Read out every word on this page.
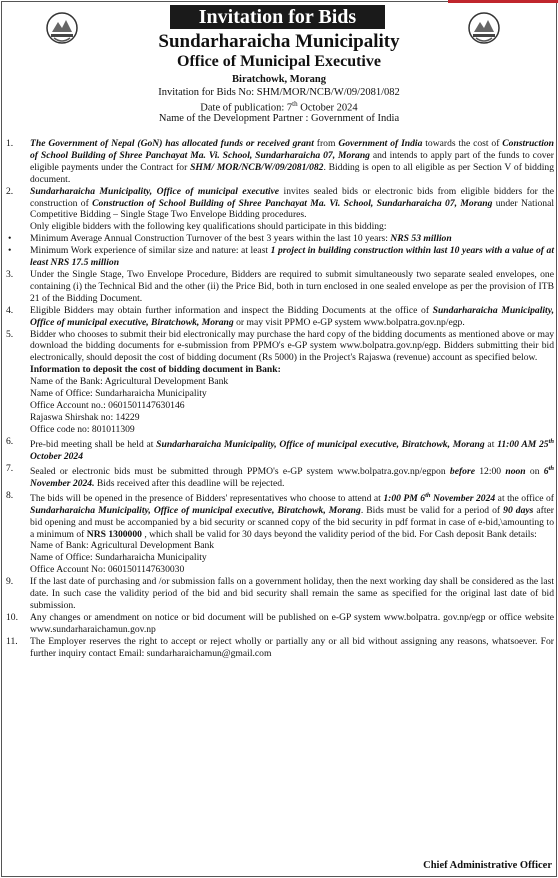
Invitation for Bids
Sundarharaicha Municipality
Office of Municipal Executive
Biratchowk, Morang
Invitation for Bids No: SHM/MOR/NCB/W/09/2081/082
Date of publication: 7th October 2024
Name of the Development Partner : Government of India
1. The Government of Nepal (GoN) has allocated funds or received grant from Government of India towards the cost of Construction of School Building of Shree Panchayat Ma. Vi. School, Sundarharaicha 07, Morang and intends to apply part of the funds to cover eligible payments under the Contract for SHM/ MOR/NCB/W/09/2081/082. Bidding is open to all eligible as per Section V of bidding document.
2. Sundarharaicha Municipality, Office of municipal executive invites sealed bids or electronic bids from eligible bidders for the construction of Construction of School Building of Shree Panchayat Ma. Vi. School, Sundarharaicha 07, Morang under National Competitive Bidding – Single Stage Two Envelope Bidding procedures.
Only eligible bidders with the following key qualifications should participate in this bidding:
• Minimum Average Annual Construction Turnover of the best 3 years within the last 10 years: NRS 53 million
• Minimum Work experience of similar size and nature: at least 1 project in building construction within last 10 years with a value of at least NRS 17.5 million
3. Under the Single Stage, Two Envelope Procedure, Bidders are required to submit simultaneously two separate sealed envelopes, one containing (i) the Technical Bid and the other (ii) the Price Bid, both in turn enclosed in one sealed envelope as per the provision of ITB 21 of the Bidding Document.
4. Eligible Bidders may obtain further information and inspect the Bidding Documents at the office of Sundarharaicha Municipality, Office of municipal executive, Biratchowk, Morang or may visit PPMO e-GP system www.bolpatra.gov.np/egp.
5. Bidder who chooses to submit their bid electronically may purchase the hard copy of the bidding documents as mentioned above or may download the bidding documents for e-submission from PPMO's e-GP system www.bolpatra.gov.np/egp. Bidders submitting their bid electronically, should deposit the cost of bidding document (Rs 5000) in the Project's Rajaswa (revenue) account as specified below.
Information to deposit the cost of bidding document in Bank:
Name of the Bank: Agricultural Development Bank
Name of Office: Sundarharaicha Municipality
Office Account no.: 0601501147630146
Rajaswa Shirshak no: 14229
Office code no: 801011309
6. Pre-bid meeting shall be held at Sundarharaicha Municipality, Office of municipal executive, Biratchowk, Morang at 11:00 AM 25th October 2024
7. Sealed or electronic bids must be submitted through PPMO's e-GP system www.bolpatra.gov.np/egpon before 12:00 noon on 6th November 2024. Bids received after this deadline will be rejected.
8. The bids will be opened in the presence of Bidders' representatives who choose to attend at 1:00 PM 6th November 2024 at the office of Sundarharaicha Municipality, Office of municipal executive, Biratchowk, Morang. Bids must be valid for a period of 90 days after bid opening and must be accompanied by a bid security or scanned copy of the bid security in pdf format in case of e-bid,\amounting to a minimum of NRS 1300000 , which shall be valid for 30 days beyond the validity period of the bid. For Cash deposit Bank details:
Name of Bank: Agricultural Development Bank
Name of Office: Sundarharaicha Municipality
Office Account No: 0601501147630030
9. If the last date of purchasing and /or submission falls on a government holiday, then the next working day shall be considered as the last date. In such case the validity period of the bid and bid security shall remain the same as specified for the original last date of bid submission.
10. Any changes or amendment on notice or bid document will be published on e-GP system www.bolpatra. gov.np/egp or office website www.sundarharaichamun.gov.np
11. The Employer reserves the right to accept or reject wholly or partially any or all bid without assigning any reasons, whatsoever. For further inquiry contact Email: sundarharaichamun@gmail.com
Chief Administrative Officer
